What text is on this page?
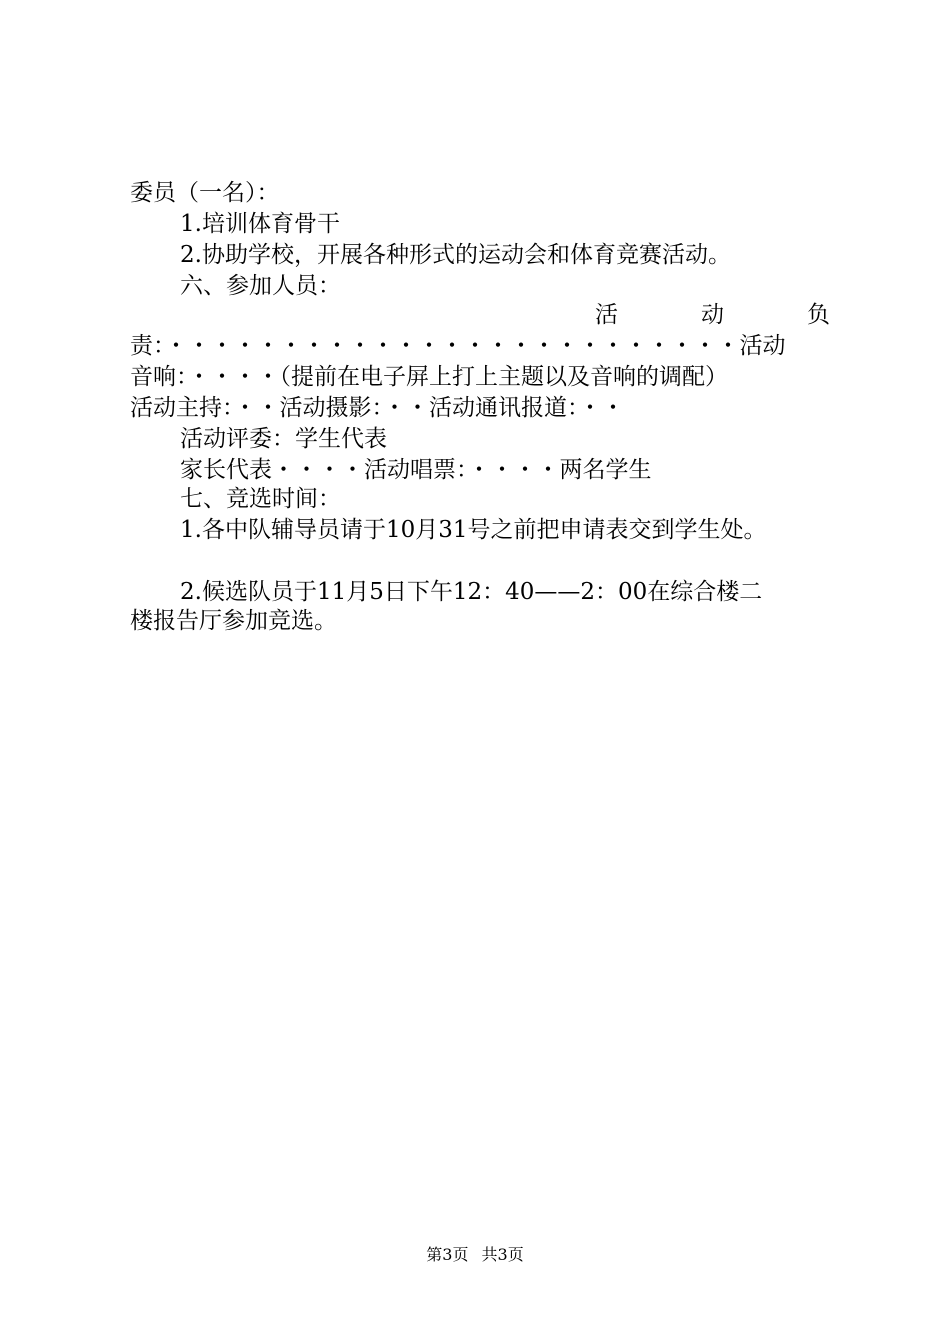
委员（一名）：
1.培训体育骨干
2.协助学校，开展各种形式的运动会和体育竞赛活动。
六、参加人员：
活	动	负
责：・・・・・・・・・・・・・・・・・・・・・・・・・活动
音响：・・・・（提前在电子屏上打上主题以及音响的调配）
活动主持：・・活动摄影：・・活动通讯报道：・・
活动评委：学生代表
家长代表・・・・活动唱票：・・・・两名学生
七、竞选时间：
1.各中队辅导员请于10月31号之前把申请表交到学生处。
2.候选队员于11月5日下午12：40——2：00在综合楼二
楼报告厅参加竞选。
第3页 共3页
